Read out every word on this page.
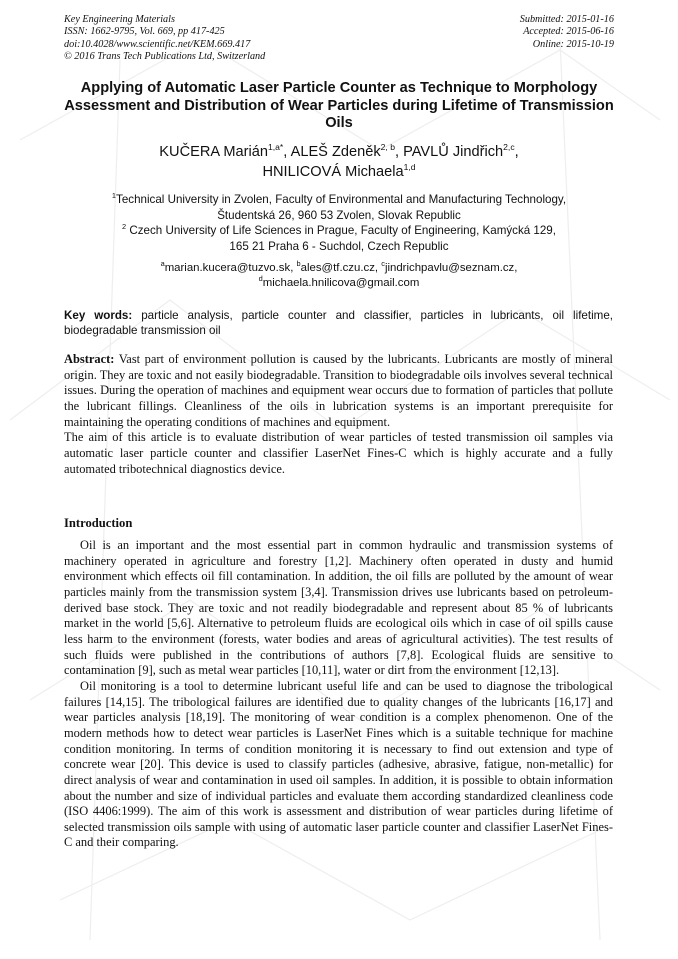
Key Engineering Materials
ISSN: 1662-9795, Vol. 669, pp 417-425
doi:10.4028/www.scientific.net/KEM.669.417
© 2016 Trans Tech Publications Ltd, Switzerland
Submitted: 2015-01-16
Accepted: 2015-06-16
Online: 2015-10-19
Applying of Automatic Laser Particle Counter as Technique to Morphology Assessment and Distribution of Wear Particles during Lifetime of Transmission Oils
KUČERA Marián$^{1,a*}$, ALEŠ Zdeněk$^{2, b}$, PAVLŮ Jindřich$^{2,c}$,
HNILICOVÁ Michaela$^{1,d}$
$^1$Technical University in Zvolen, Faculty of Environmental and Manufacturing Technology,
Študentská 26, 960 53 Zvolen, Slovak Republic
$^2$ Czech University of Life Sciences in Prague, Faculty of Engineering, Kamýcká 129,
165 21 Praha 6 - Suchdol, Czech Republic
$^a$marian.kucera@tuzvo.sk, $^b$ales@tf.czu.cz, $^c$jindrichpavlu@seznam.cz,
$^d$michaela.hnilicova@gmail.com
Key words: particle analysis, particle counter and classifier, particles in lubricants, oil lifetime, biodegradable transmission oil

Abstract: Vast part of environment pollution is caused by the lubricants. Lubricants are mostly of mineral origin. They are toxic and not easily biodegradable. Transition to biodegradable oils involves several technical issues. During the operation of machines and equipment wear occurs due to formation of particles that pollute the lubricant fillings. Cleanliness of the oils in lubrication systems is an important prerequisite for maintaining the operating conditions of machines and equipment.

The aim of this article is to evaluate distribution of wear particles of tested transmission oil samples via automatic laser particle counter and classifier LaserNet Fines-C which is highly accurate and a fully automated tribotechnical diagnostics device.

Introduction

Oil is an important and the most essential part in common hydraulic and transmission systems of machinery operated in agriculture and forestry [1,2]. Machinery often operated in dusty and humid environment which effects oil fill contamination. In addition, the oil fills are polluted by the amount of wear particles mainly from the transmission system [3,4]. Transmission drives use lubricants based on petroleum-derived base stock. They are toxic and not readily biodegradable and represent about 85 % of lubricants market in the world [5,6]. Alternative to petroleum fluids are ecological oils which in case of oil spills cause less harm to the environment (forests, water bodies and areas of agricultural activities). The test results of such fluids were published in the contributions of authors [7,8]. Ecological fluids are sensitive to contamination [9], such as metal wear particles [10,11], water or dirt from the environment [12,13].

Oil monitoring is a tool to determine lubricant useful life and can be used to diagnose the tribological failures [14,15]. The tribological failures are identified due to quality changes of the lubricants [16,17] and wear particles analysis [18,19]. The monitoring of wear condition is a complex phenomenon. One of the modern methods how to detect wear particles is LaserNet Fines which is a suitable technique for machine condition monitoring. In terms of condition monitoring it is necessary to find out extension and type of concrete wear [20]. This device is used to classify particles (adhesive, abrasive, fatigue, non-metallic) for direct analysis of wear and contamination in used oil samples. In addition, it is possible to obtain information about the number and size of individual particles and evaluate them according standardized cleanliness code (ISO 4406:1999). The aim of this work is assessment and distribution of wear particles during lifetime of selected transmission oils sample with using of automatic laser particle counter and classifier LaserNet Fines-C and their comparing.
